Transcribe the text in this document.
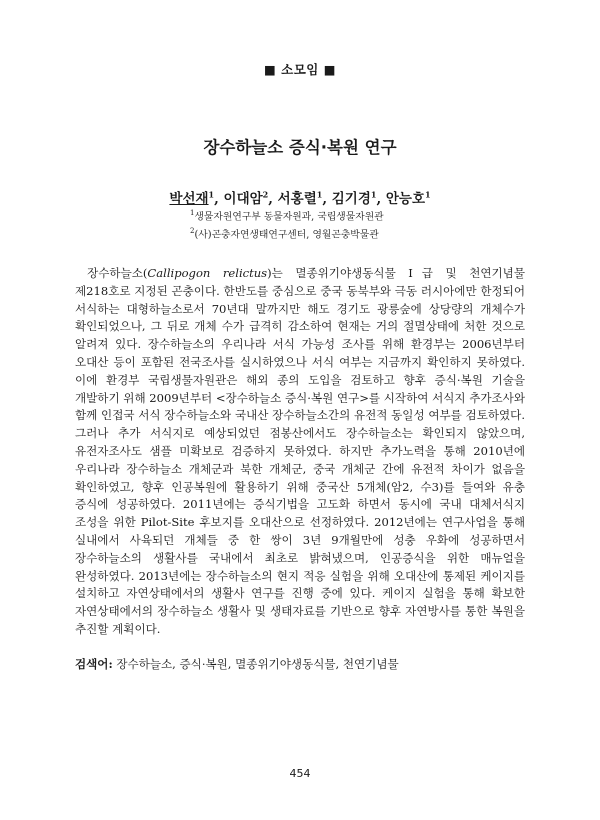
■ 소모임 ■
장수하늘소 증식·복원 연구
박선재$^1$, 이대암$^2$, 서홍렬$^1$, 김기경$^1$, 안능호$^1$
$^1$생물자원연구부 동물자원과, 국립생물자원관
$^2$(사)곤충자연생태연구센터, 영월곤충박물관

장수하늘소(Callipogon relictus)는 멸종위기야생동식물 Ⅰ급 및 천연기념물 제218호로 지정된 곤충이다. 한반도를 중심으로 중국 동북부와 극동 러시아에만 한정되어 서식하는 대형하늘소로서 70년대 말까지만 해도 경기도 광릉숲에 상당량의 개체수가 확인되었으나, 그 뒤로 개체 수가 급격히 감소하여 현재는 거의 절멸상태에 처한 것으로 알려져 있다. 장수하늘소의 우리나라 서식 가능성 조사를 위해 환경부는 2006년부터 오대산 등이 포함된 전국조사를 실시하였으나 서식 여부는 지금까지 확인하지 못하였다. 이에 환경부 국립생물자원관은 해외 종의 도입을 검토하고 향후 증식·복원 기술을 개발하기 위해 2009년부터 <장수하늘소 증식·복원 연구>를 시작하여 서식지 추가조사와 함께 인접국 서식 장수하늘소와 국내산 장수하늘소간의 유전적 동일성 여부를 검토하였다. 그러나 추가 서식지로 예상되었던 점봉산에서도 장수하늘소는 확인되지 않았으며, 유전자조사도 샘플 미확보로 검증하지 못하였다. 하지만 추가노력을 통해 2010년에 우리나라 장수하늘소 개체군과 북한 개체군, 중국 개체군 간에 유전적 차이가 없음을 확인하였고, 향후 인공복원에 활용하기 위해 중국산 5개체(암2, 수3)를 들여와 유충 증식에 성공하였다. 2011년에는 증식기법을 고도화 하면서 동시에 국내 대체서식지 조성을 위한 Pilot-Site 후보지를 오대산으로 선정하였다. 2012년에는 연구사업을 통해 실내에서 사육되던 개체들 중 한 쌍이 3년 9개월만에 성충 우화에 성공하면서 장수하늘소의 생활사를 국내에서 최초로 밝혀냈으며, 인공증식을 위한 매뉴얼을 완성하였다. 2013년에는 장수하늘소의 현지 적응 실험을 위해 오대산에 통제된 케이지를 설치하고 자연상태에서의 생활사 연구를 진행 중에 있다. 케이지 실험을 통해 확보한 자연상태에서의 장수하늘소 생활사 및 생태자료를 기반으로 향후 자연방사를 통한 복원을 추진할 계획이다.

검색어: 장수하늘소, 증식·복원, 멸종위기야생동식물, 천연기념물
454
